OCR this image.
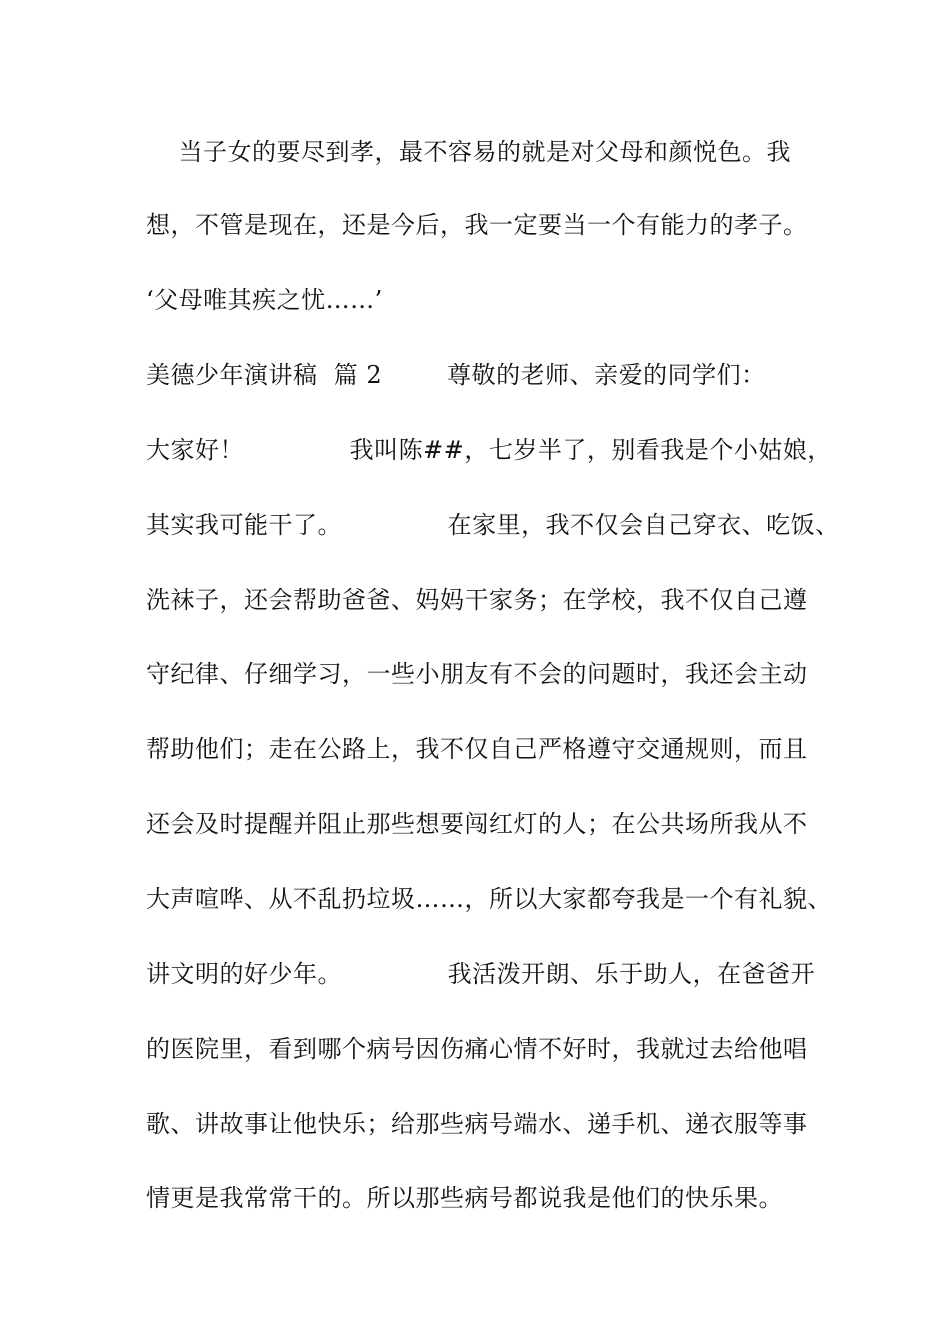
当子女的要尽到孝，最不容易的就是对父母和颜悦色。我
想，不管是现在，还是今后，我一定要当一个有能力的孝子。
‘父母唯其疾之忧……’
美德少年演讲稿  篇 2        尊敬的老师、亲爱的同学们：
大家好！             我叫陈##，七岁半了，别看我是个小姑娘，
其实我可能干了。             在家里，我不仅会自己穿衣、吃饭、
洗袜子，还会帮助爸爸、妈妈干家务；在学校，我不仅自己遵
守纪律、仔细学习，一些小朋友有不会的问题时，我还会主动
帮助他们；走在公路上，我不仅自己严格遵守交通规则，而且
还会及时提醒并阻止那些想要闯红灯的人；在公共场所我从不
大声喧哗、从不乱扔垃圾……，所以大家都夸我是一个有礼貌、
讲文明的好少年。             我活泼开朗、乐于助人，在爸爸开
的医院里，看到哪个病号因伤痛心情不好时，我就过去给他唱
歌、讲故事让他快乐；给那些病号端水、递手机、递衣服等事
情更是我常常干的。所以那些病号都说我是他们的快乐果。
